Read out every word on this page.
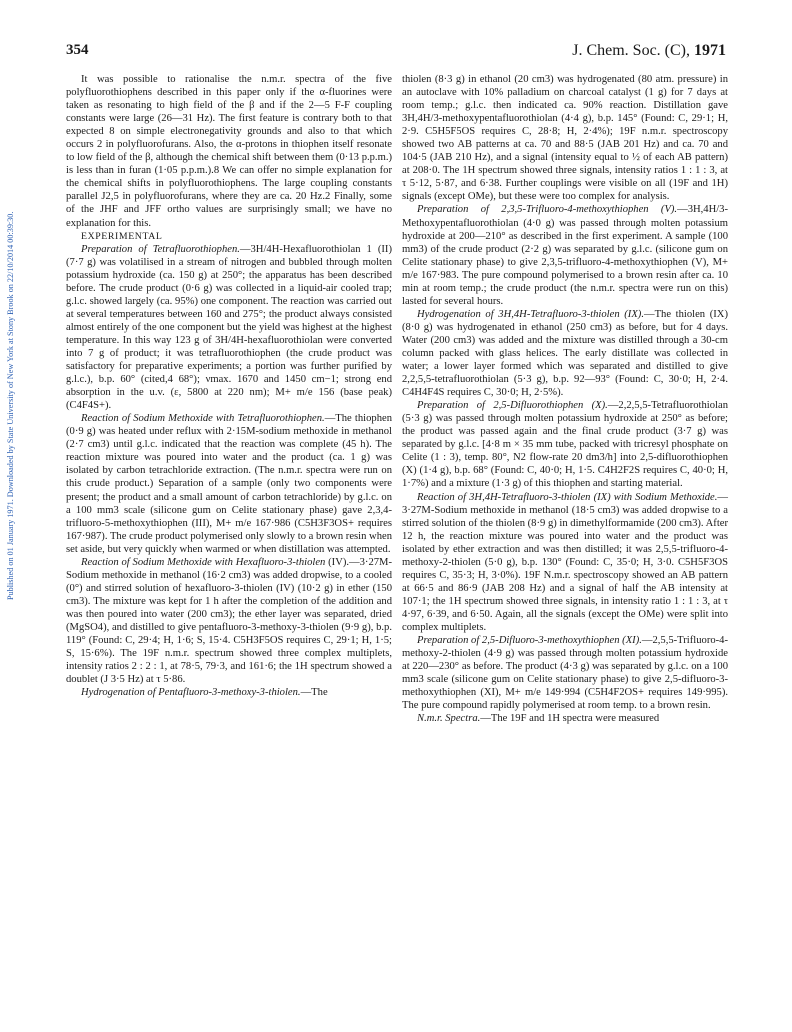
354	J. Chem. Soc. (C), 1971
Published on 01 January 1971. Downloaded by State University of New York at Stony Brook on 22/10/2014 00:39:30.

It was possible to rationalise the n.m.r. spectra of the five polyfluorothiophens described in this paper only if the α-fluorines were taken as resonating to high field of the β and if the 2—5 F-F coupling constants were large (26—31 Hz). The first feature is contrary both to that expected 8 on simple electronegativity grounds and also to that which occurs 2 in polyfluorofurans. Also, the α-protons in thiophen itself resonate to low field of the β, although the chemical shift between them (0·13 p.p.m.) is less than in furan (1·05 p.p.m.).8 We can offer no simple explanation for the chemical shifts in polyfluorothiophens. The large coupling constants parallel J2,5 in polyfluorofurans, where they are ca. 20 Hz.2 Finally, some of the JHF and JFF ortho values are surprisingly small; we have no explanation for this.

EXPERIMENTAL

Preparation of Tetrafluorothiophen.—3H/4H-Hexafluorothiolan 1 (II) (7·7 g) was volatilised in a stream of nitrogen and bubbled through molten potassium hydroxide (ca. 150 g) at 250°; the apparatus has been described before. The crude product (0·6 g) was collected in a liquid-air cooled trap; g.l.c. showed largely (ca. 95%) one component. The reaction was carried out at several temperatures between 160 and 275°; the product always consisted almost entirely of the one component but the yield was highest at the highest temperature. In this way 123 g of 3H/4H-hexafluorothiolan were converted into 7 g of product; it was tetrafluorothiophen (the crude product was satisfactory for preparative experiments; a portion was further purified by g.l.c.), b.p. 60° (cited,4 68°); νmax. 1670 and 1450 cm−1; strong end absorption in the u.v. (ε, 5800 at 220 nm); M+ m/e 156 (base peak) (C4F4S+).

Reaction of Sodium Methoxide with Tetrafluorothiophen.—The thiophen (0·9 g) was heated under reflux with 2·15M-sodium methoxide in methanol (2·7 cm3) until g.l.c. indicated that the reaction was complete (45 h). The reaction mixture was poured into water and the product (ca. 1 g) was isolated by carbon tetrachloride extraction. (The n.m.r. spectra were run on this crude product.) Separation of a sample (only two components were present; the product and a small amount of carbon tetrachloride) by g.l.c. on a 100 mm3 scale (silicone gum on Celite stationary phase) gave 2,3,4-trifluoro-5-methoxythiophen (III), M+ m/e 167·986 (C5H3F3OS+ requires 167·987). The crude product polymerised only slowly to a brown resin when set aside, but very quickly when warmed or when distillation was attempted.

Reaction of Sodium Methoxide with Hexafluoro-3-thiolen (IV).—3·27M-Sodium methoxide in methanol (16·2 cm3) was added dropwise, to a cooled (0°) and stirred solution of hexafluoro-3-thiolen (IV) (10·2 g) in ether (150 cm3). The mixture was kept for 1 h after the completion of the addition and was then poured into water (200 cm3); the ether layer was separated, dried (MgSO4), and distilled to give pentafluoro-3-methoxy-3-thiolen (9·9 g), b.p. 119° (Found: C, 29·4; H, 1·6; S, 15·4. C5H3F5OS requires C, 29·1; H, 1·5; S, 15·6%). The 19F n.m.r. spectrum showed three complex multiplets, intensity ratios 2 : 2 : 1, at 78·5, 79·3, and 161·6; the 1H spectrum showed a doublet (J 3·5 Hz) at τ 5·86.

Hydrogenation of Pentafluoro-3-methoxy-3-thiolen.—The

thiolen (8·3 g) in ethanol (20 cm3) was hydrogenated (80 atm. pressure) in an autoclave with 10% palladium on charcoal catalyst (1 g) for 7 days at room temp.; g.l.c. then indicated ca. 90% reaction. Distillation gave 3H,4H/3-methoxypentafluorothiolan (4·4 g), b.p. 145° (Found: C, 29·1; H, 2·9. C5H5F5OS requires C, 28·8; H, 2·4%); 19F n.m.r. spectroscopy showed two AB patterns at ca. 70 and 88·5 (JAB 201 Hz) and ca. 70 and 104·5 (JAB 210 Hz), and a signal (intensity equal to ½ of each AB pattern) at 208·0. The 1H spectrum showed three signals, intensity ratios 1 : 1 : 3, at τ 5·12, 5·87, and 6·38. Further couplings were visible on all (19F and 1H) signals (except OMe), but these were too complex for analysis.

Preparation of 2,3,5-Trifluoro-4-methoxythiophen (V).—3H,4H/3-Methoxypentafluorothiolan (4·0 g) was passed through molten potassium hydroxide at 200—210° as described in the first experiment. A sample (100 mm3) of the crude product (2·2 g) was separated by g.l.c. (silicone gum on Celite stationary phase) to give 2,3,5-trifluoro-4-methoxythiophen (V), M+ m/e 167·983. The pure compound polymerised to a brown resin after ca. 10 min at room temp.; the crude product (the n.m.r. spectra were run on this) lasted for several hours.

Hydrogenation of 3H,4H-Tetrafluoro-3-thiolen (IX).—The thiolen (IX) (8·0 g) was hydrogenated in ethanol (250 cm3) as before, but for 4 days. Water (200 cm3) was added and the mixture was distilled through a 30-cm column packed with glass helices. The early distillate was collected in water; a lower layer formed which was separated and distilled to give 2,2,5,5-tetrafluorothiolan (5·3 g), b.p. 92—93° (Found: C, 30·0; H, 2·4. C4H4F4S requires C, 30·0; H, 2·5%).

Preparation of 2,5-Difluorothiophen (X).—2,2,5,5-Tetrafluorothiolan (5·3 g) was passed through molten potassium hydroxide at 250° as before; the product was passed again and the final crude product (3·7 g) was separated by g.l.c. [4·8 m × 35 mm tube, packed with tricresyl phosphate on Celite (1 : 3), temp. 80°, N2 flow-rate 20 dm3/h] into 2,5-difluorothiophen (X) (1·4 g), b.p. 68° (Found: C, 40·0; H, 1·5. C4H2F2S requires C, 40·0; H, 1·7%) and a mixture (1·3 g) of this thiophen and starting material.

Reaction of 3H,4H-Tetrafluoro-3-thiolen (IX) with Sodium Methoxide.—3·27M-Sodium methoxide in methanol (18·5 cm3) was added dropwise to a stirred solution of the thiolen (8·9 g) in dimethylformamide (200 cm3). After 12 h, the reaction mixture was poured into water and the product was isolated by ether extraction and was then distilled; it was 2,5,5-trifluoro-4-methoxy-2-thiolen (5·0 g), b.p. 130° (Found: C, 35·0; H, 3·0. C5H5F3OS requires C, 35·3; H, 3·0%). 19F N.m.r. spectroscopy showed an AB pattern at 66·5 and 86·9 (JAB 208 Hz) and a signal of half the AB intensity at 107·1; the 1H spectrum showed three signals, in intensity ratio 1 : 1 : 3, at τ 4·97, 6·39, and 6·50. Again, all the signals (except the OMe) were split into complex multiplets.

Preparation of 2,5-Difluoro-3-methoxythiophen (XI).—2,5,5-Trifluoro-4-methoxy-2-thiolen (4·9 g) was passed through molten potassium hydroxide at 220—230° as before. The product (4·3 g) was separated by g.l.c. on a 100 mm3 scale (silicone gum on Celite stationary phase) to give 2,5-difluoro-3-methoxythiophen (XI), M+ m/e 149·994 (C5H4F2OS+ requires 149·995). The pure compound rapidly polymerised at room temp. to a brown resin.

N.m.r. Spectra.—The 19F and 1H spectra were measured
